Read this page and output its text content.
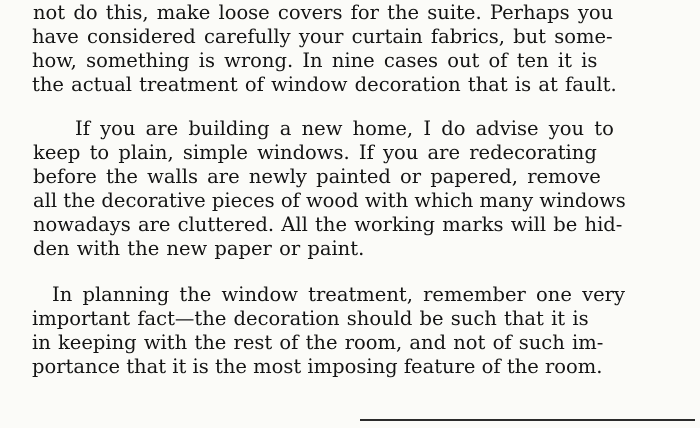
not do this, make loose covers for the suite. Perhaps you
have considered carefully your curtain fabrics, but some-
how, something is wrong. In nine cases out of ten it is
the actual treatment of window decoration that is at fault.
If you are building a new home, I do advise you to
keep to plain, simple windows. If you are redecorating
before the walls are newly painted or papered, remove
all the decorative pieces of wood with which many windows
nowadays are cluttered. All the working marks will be hid-
den with the new paper or paint.
In planning the window treatment, remember one very
important fact—the decoration should be such that it is
in keeping with the rest of the room, and not of such im-
portance that it is the most imposing feature of the room.
